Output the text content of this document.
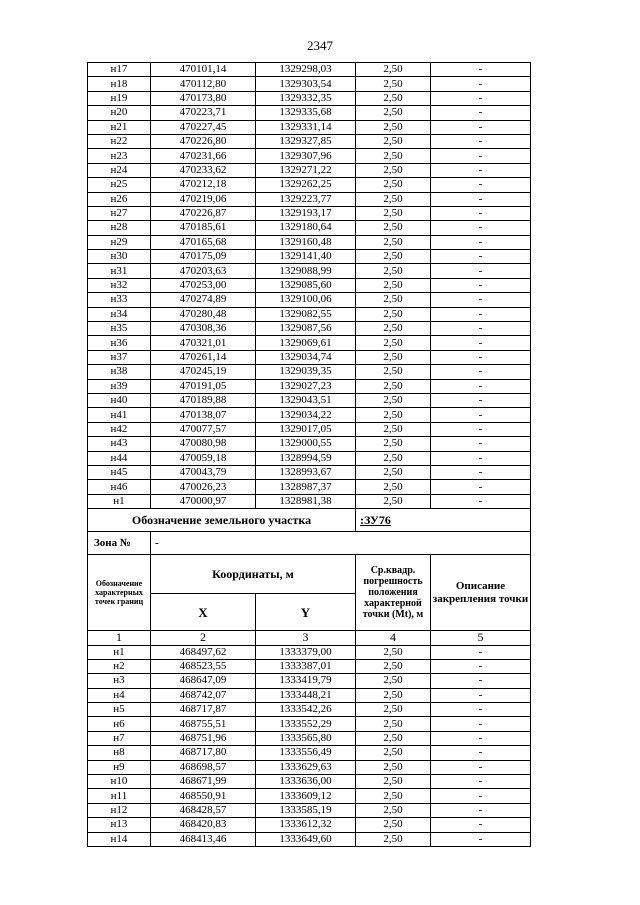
2347
н17	470101,14	1329298,03	2,50	-
н18	470112,80	1329303,54	2,50	-
н19	470173,80	1329332,35	2,50	-
н20	470223,71	1329335,68	2,50	-
н21	470227,45	1329331,14	2,50	-
н22	470226,80	1329327,85	2,50	-
н23	470231,66	1329307,96	2,50	-
н24	470233,62	1329271,22	2,50	-
н25	470212,18	1329262,25	2,50	-
н26	470219,06	1329223,77	2,50	-
н27	470226,87	1329193,17	2,50	-
н28	470185,61	1329180,64	2,50	-
н29	470165,68	1329160,48	2,50	-
н30	470175,09	1329141,40	2,50	-
н31	470203,63	1329088,99	2,50	-
н32	470253,00	1329085,60	2,50	-
н33	470274,89	1329100,06	2,50	-
н34	470280,48	1329082,55	2,50	-
н35	470308,36	1329087,56	2,50	-
н36	470321,01	1329069,61	2,50	-
н37	470261,14	1329034,74	2,50	-
н38	470245,19	1329039,35	2,50	-
н39	470191,05	1329027,23	2,50	-
н40	470189,88	1329043,51	2,50	-
н41	470138,07	1329034,22	2,50	-
н42	470077,57	1329017,05	2,50	-
н43	470080,98	1329000,55	2,50	-
н44	470059,18	1328994,59	2,50	-
н45	470043,79	1328993,67	2,50	-
н46	470026,23	1328987,37	2,50	-
н1	470000,97	1328981,38	2,50	-
Обозначение земельного участка			:ЗУ76	
Зона №	-			
Обозначение характерных точек границ	Координаты, м		Ср.квадр. погрешность положения характерной точки (Mt), м	Описание закрепления точки
	X	Y		
1	2	3	4	5
н1	468497,62	1333379,00	2,50	-
н2	468523,55	1333387,01	2,50	-
н3	468647,09	1333419,79	2,50	-
н4	468742,07	1333448,21	2,50	-
н5	468717,87	1333542,26	2,50	-
н6	468755,51	1333552,29	2,50	-
н7	468751,96	1333565,80	2,50	-
н8	468717,80	1333556,49	2,50	-
н9	468698,57	1333629,63	2,50	-
н10	468671,99	1333636,00	2,50	-
н11	468550,91	1333609,12	2,50	-
н12	468428,57	1333585,19	2,50	-
н13	468420,83	1333612,32	2,50	-
н14	468413,46	1333649,60	2,50	-
